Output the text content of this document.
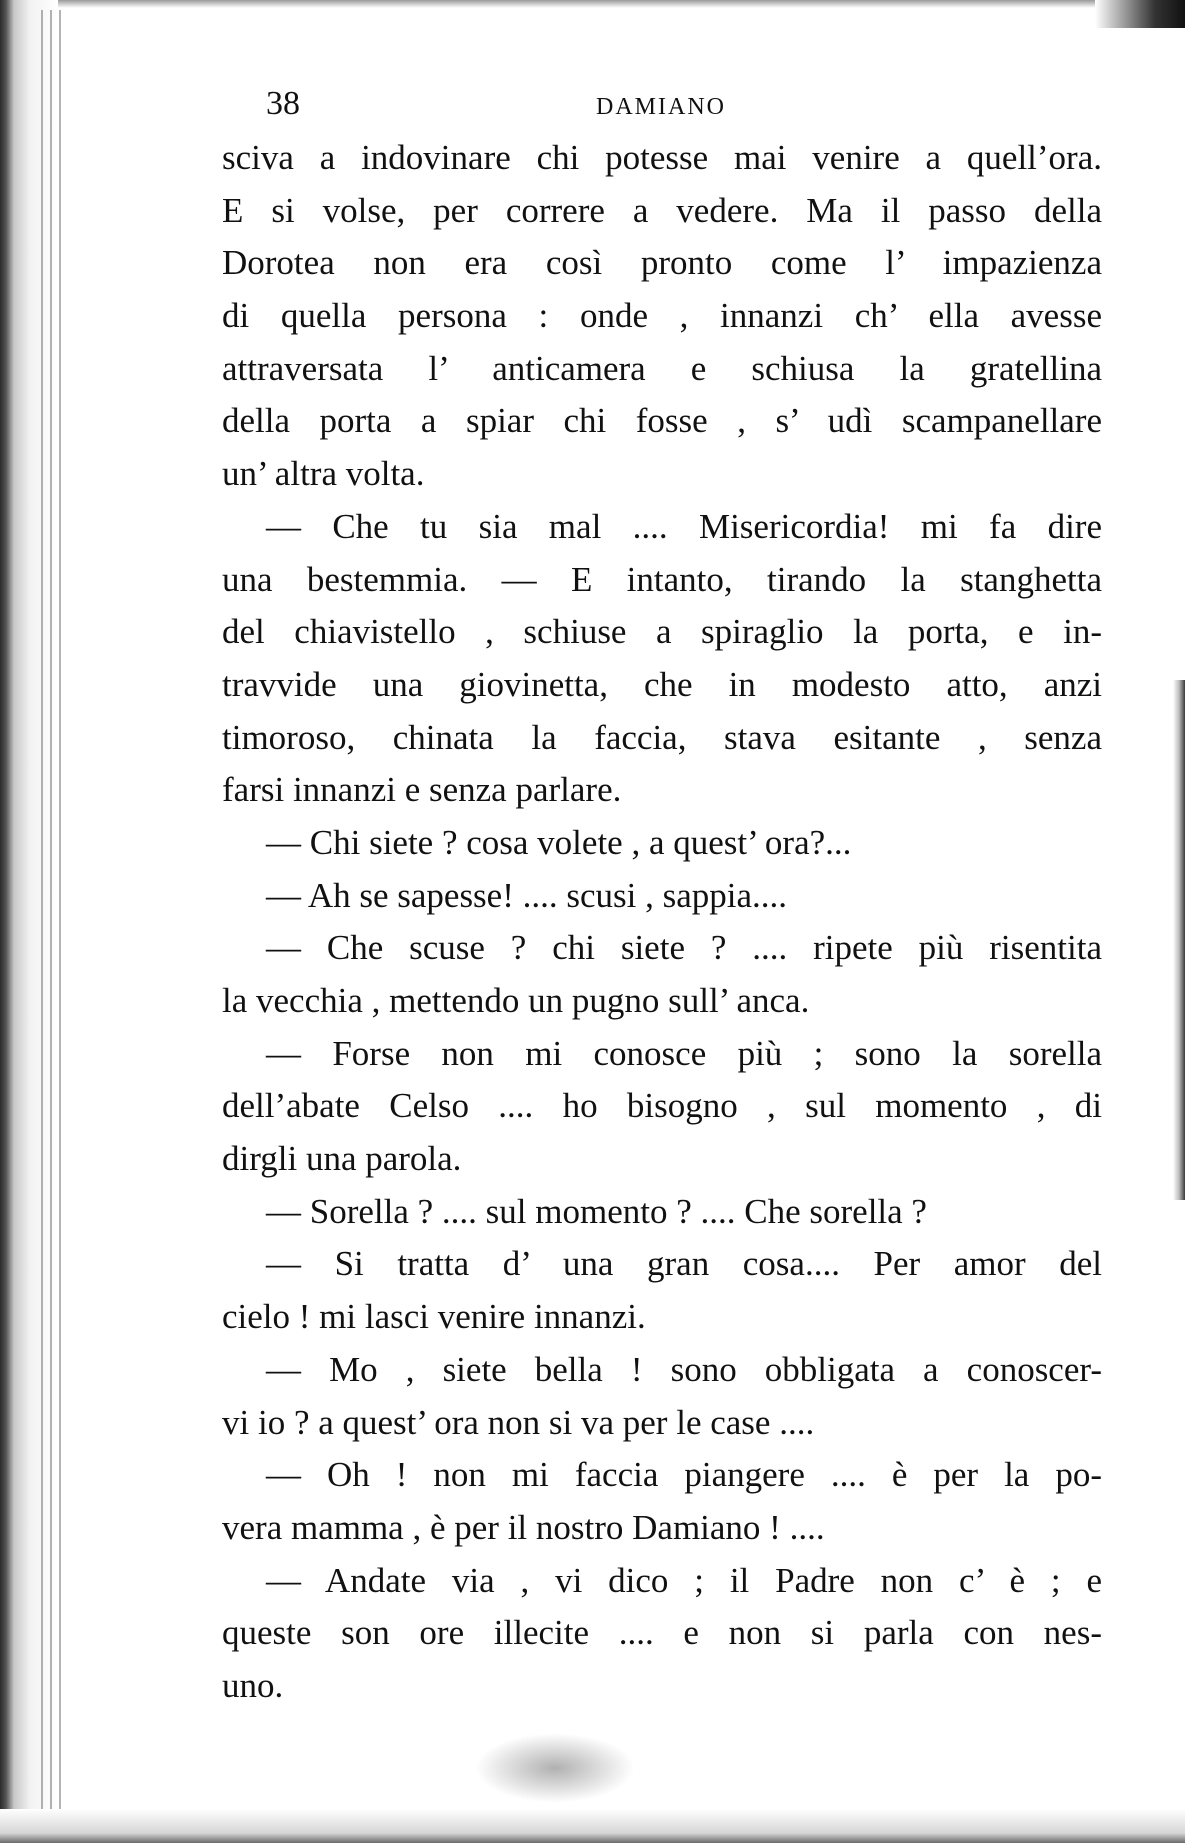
38	DAMIANO
sciva a indovinare chi potesse mai venire a quell’ora.
E si volse, per correre a vedere. Ma il passo della
Dorotea non era così pronto come l’ impazienza
di quella persona : onde , innanzi ch’ ella avesse
attraversata l’ anticamera e schiusa la gratellina
della porta a spiar chi fosse , s’ udì scampanellare
un’ altra volta.
— Che tu sia mal .... Misericordia! mi fa dire
una bestemmia. — E intanto, tirando la stanghetta
del chiavistello , schiuse a spiraglio la porta, e in-
travvide una giovinetta, che in modesto atto, anzi
timoroso, chinata la faccia, stava esitante , senza
farsi innanzi e senza parlare.
— Chi siete ? cosa volete , a quest’ ora?...
— Ah se sapesse! .... scusi , sappia....
— Che scuse ? chi siete ? .... ripete più risentita
la vecchia , mettendo un pugno sull’ anca.
— Forse non mi conosce più ; sono la sorella
dell’abate Celso .... ho bisogno , sul momento , di
dirgli una parola.
— Sorella ? .... sul momento ? .... Che sorella ?
— Si tratta d’ una gran cosa.... Per amor del
cielo ! mi lasci venire innanzi.
— Mo , siete bella ! sono obbligata a conoscer-
vi io ? a quest’ ora non si va per le case ....
— Oh ! non mi faccia piangere .... è per la po-
vera mamma , è per il nostro Damiano ! ....
— Andate via , vi dico ; il Padre non c’ è ; e
queste son ore illecite .... e non si parla con nes-
uno.
